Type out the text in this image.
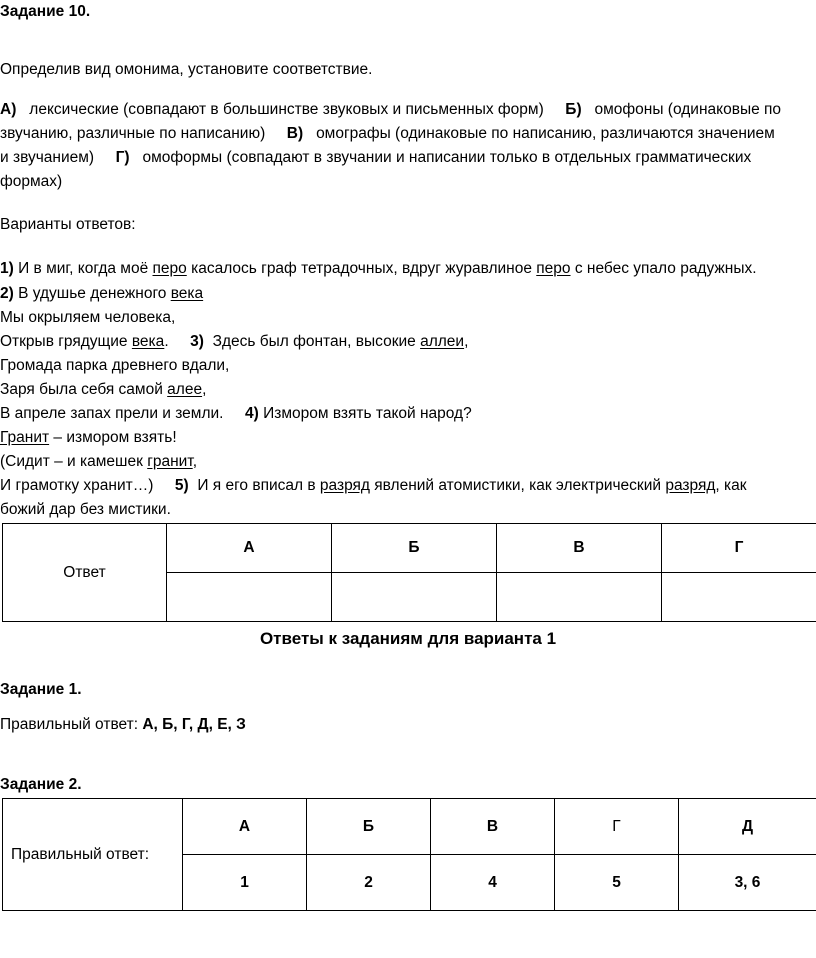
Задание 10.
Определив вид омонима, установите соответствие.
А) лексические (совпадают в большинстве звуковых и письменных форм) Б) омофоны (одинаковые по
звучанию, различные по написанию) В) омографы (одинаковые по написанию, различаются значением
и звучанием) Г) омоформы (совпадают в звучании и написании только в отдельных грамматических
формах)
Варианты ответов:
1) И в миг, когда моё перо касалось граф тетрадочных, вдруг журавлиное перо с небес упало радужных.
2) В удушье денежного века
Мы окрыляем человека,
Открыв грядущие века. 3) Здесь был фонтан, высокие аллеи,
Громада парка древнего вдали,
Заря была себя самой алее,
В апреле запах прели и земли. 4) Измором взять такой народ?
Гранит – измором взять!
(Сидит – и камешек гранит,
И грамотку хранит…) 5) И я его вписал в разряд явлений атомистики, как электрический разряд, как
божий дар без мистики.
Ответ	А	Б	В	Г

Ответы к заданиям для варианта 1
Задание 1.
Правильный ответ: А, Б, Г, Д, Е, З
Задание 2.
Правильный ответ:	А	Б	В	Г	Д
	1	2	4	5	3, 6
